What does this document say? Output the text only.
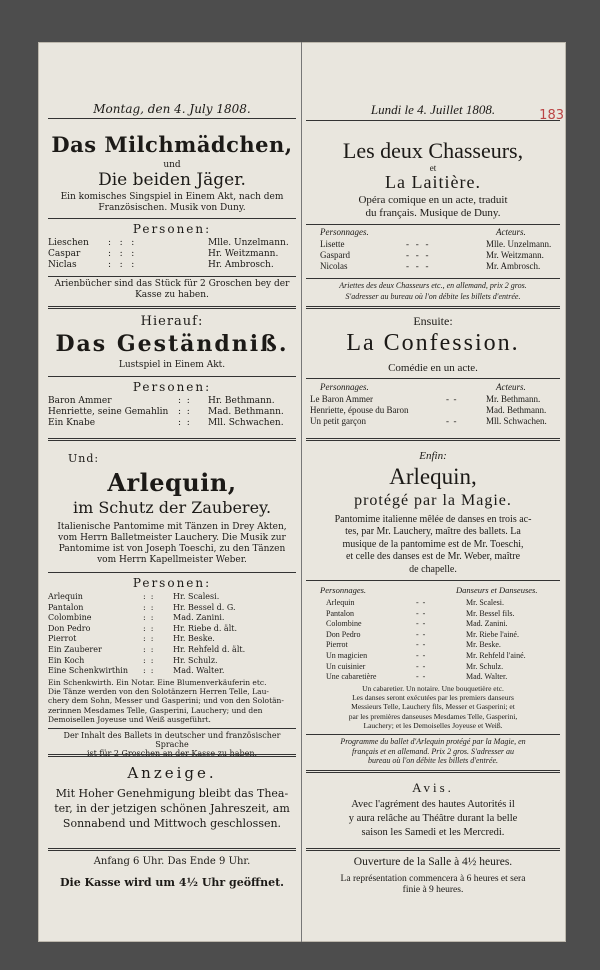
183
Montag, den 4. July 1808.
Das Milchmädchen,
und
Die beiden Jäger.
Ein komisches Singspiel in Einem Akt, nach dem
Französischen. Musik von Duny.
Personen:
Lieschen :   :   :	Mlle. Unzelmann.
Caspar	:   :   :	Hr. Weitzmann.
Niclas	:   :   :	Hr. Ambrosch.
Arienbücher sind das Stück für 2 Groschen bey der
Kasse zu haben.
Hierauf:
Das Geständniß.
Lustspiel in Einem Akt.
Personen:
Baron Ammer	:  : Hr. Bethmann.
Henriette, seine Gemahlin :  : Mad. Bethmann.
Ein Knabe	:  : Mll. Schwachen.
Und:
Arlequin,
im Schutz der Zauberey.
Italienische Pantomime mit Tänzen in Drey Akten,
vom Herrn Balletmeister Lauchery. Die Musik zur
Pantomime ist von Joseph Toeschi, zu den Tänzen
vom Herrn Kapellmeister Weber.
Personen:
Arlequin	:  : Hr. Scalesi.
Pantalon	:  : Hr. Bessel d. G.
Colombine	:  : Mad. Zanini.
Don Pedro	:  : Hr. Riebe d. ält.
Pierrot	:  : Hr. Beske.
Ein Zauberer	:  : Hr. Rehfeld d. ält.
Ein Koch	:  : Hr. Schulz.
Eine Schenkwirthin :  : Mad. Walter.
Ein Schenkwirth. Ein Notar. Eine Blumenverkäuferin etc.
Die Tänze werden von den Solotänzern Herren Telle, Lau-
chery dem Sohn, Messer und Gasperini; und von den Solotän-
zerinnen Mesdames Telle, Gasperini, Lauchery; und den
Demoisellen Joyeuse und Weiß ausgeführt.
Der Inhalt des Ballets in deutscher und französischer Sprache
ist für 2 Groschen an der Kasse zu haben.
Anzeige.
Mit Hoher Genehmigung bleibt das Thea-
ter, in der jetzigen schönen Jahreszeit, am
Sonnabend und Mittwoch geschlossen.
Anfang 6 Uhr. Das Ende 9 Uhr.
Die Kasse wird um 4½ Uhr geöffnet.
Lundi le 4. Juillet 1808.
Les deux Chasseurs,
et
La Laitière.
Opéra comique en un acte, traduit
du français. Musique de Duny.
Personnages.	Acteurs.
Lisette	-   -   -	Mlle. Unzelmann.
Gaspard	-   -   -	Mr. Weitzmann.
Nicolas	-   -   -	Mr. Ambrosch.
Ariettes des deux Chasseurs etc., en allemand, prix 2 gros.
S'adresser au bureau où l'on débite les billets d'entrée.
Ensuite:
La Confession.
Comédie en un acte.
Personnages.	Acteurs.
Le Baron Ammer	-  -	Mr. Bethmann.
Henriette, épouse du Baron	Mad. Bethmann.
Un petit garçon	-  -	Mll. Schwachen.
Enfin:
Arlequin,
protégé par la Magie.
Pantomime italienne mêlée de danses en trois ac-
tes, par Mr. Lauchery, maître des ballets. La
musique de la pantomime est de Mr. Toeschi,
et celle des danses est de Mr. Weber, maître
de chapelle.
Personnages.	Danseurs et Danseuses.
Arlequin	-  -	Mr. Scalesi.
Pantalon	-  -	Mr. Bessel fils.
Colombine	-  -	Mad. Zanini.
Don Pedro	-  -	Mr. Riebe l'ainé.
Pierrot	-  -	Mr. Beske.
Un magicien	-  -	Mr. Rehfeld l'ainé.
Un cuisinier	-  -	Mr. Schulz.
Une cabaretière	-  -	Mad. Walter.
Un cabaretier. Un notaire. Une bouquetière etc.
Les danses seront exécutées par les premiers danseurs
Messieurs Telle, Lauchery fils, Messer et Gasperini; et
par les premières danseuses Mesdames Telle, Gasperini,
Lauchery; et les Demoiselles Joyeuse et Weiß.
Programme du ballet d'Arlequin protégé par la Magie, en
français et en allemand. Prix 2 gros. S'adresser au
bureau où l'on débite les billets d'entrée.
Avis.
Avec l'agrément des hautes Autorités il
y aura relâche au Théâtre durant la belle
saison les Samedi et les Mercredi.
Ouverture de la Salle à 4½ heures.
La représentation commencera à 6 heures et sera
finie à 9 heures.
